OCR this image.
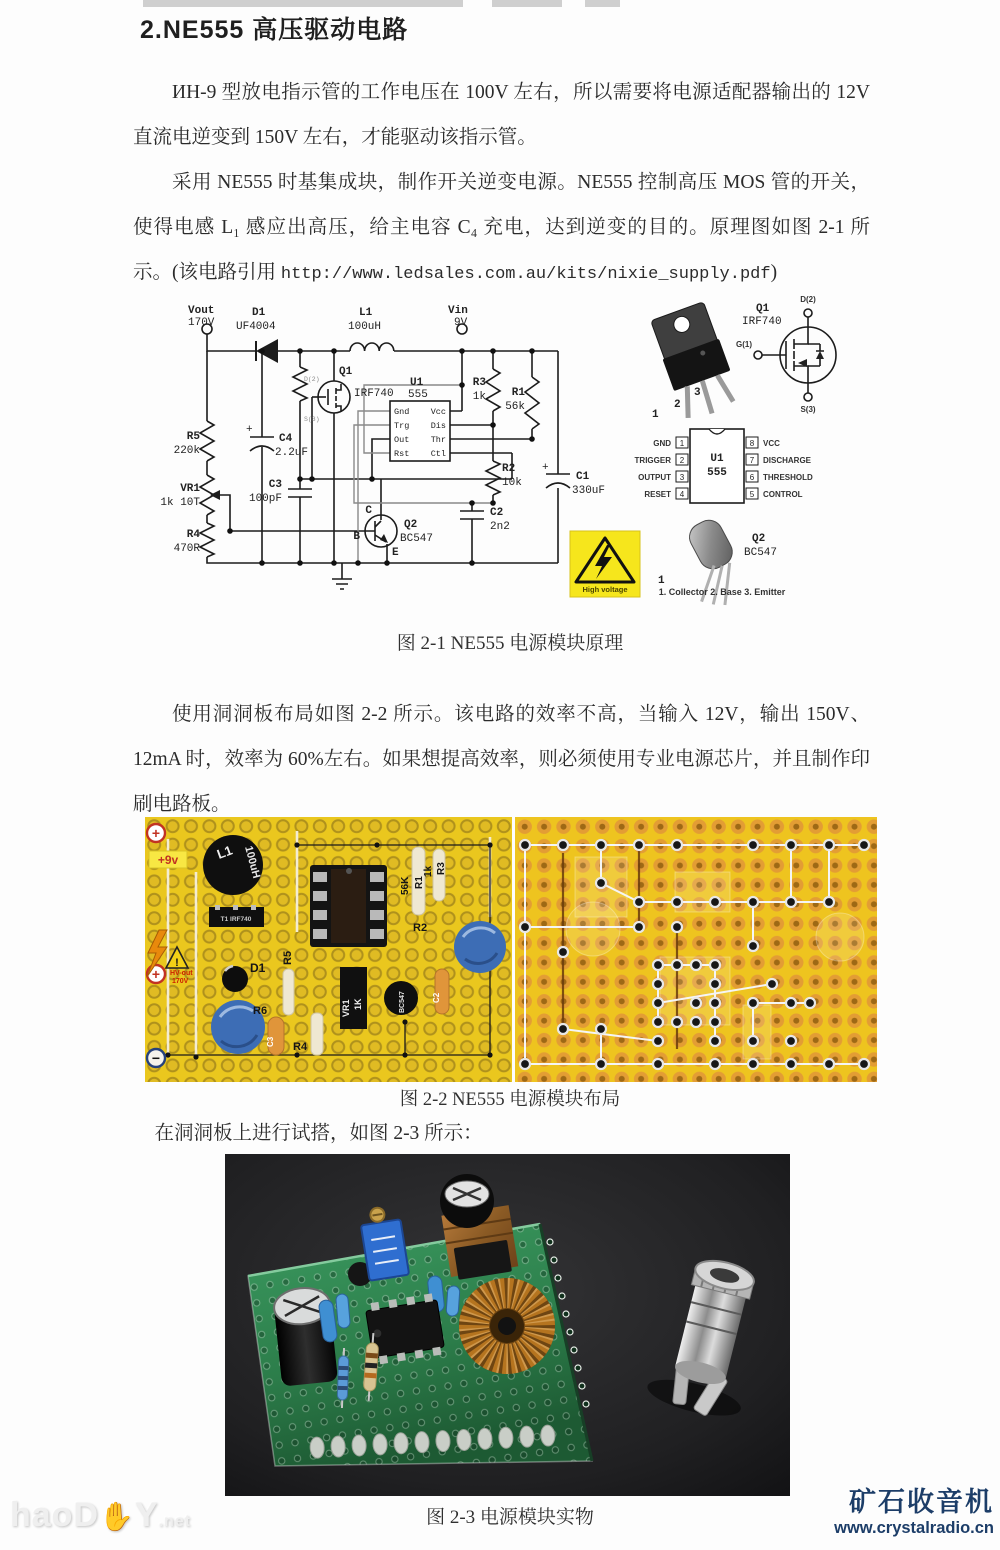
2.NE555 高压驱动电路

ИН-9 型放电指示管的工作电压在 100V 左右，所以需要将电源适配器输出的 12V 直流电逆变到 150V 左右，才能驱动该指示管。

采用 NE555 时基集成块，制作开关逆变电源。NE555 控制高压 MOS 管的开关，使得电感 L₁ 感应出高压，给主电容 C₄ 充电，达到逆变的目的。原理图如图 2-1 所示。(该电路引用 http://www.ledsales.com.au/kits/nixie_supply.pdf)

Gnd
Trg
Out
Rst
Vcc
Dis
Thr
Ctl
Vout
170V
Vin
9V
D1
UF4004
L1
100uH
Q1
IRF740
D(2)
S(3)
U1
555
R3
1k R1
56k
R5
220k
VR1
1k 10T
R4
470R
+
C4
2.2uF
C3
100pF
R2
10k
C2
2n2
+
C1
330uF
Q2
BC547
C
B
E
1
2
3
Q1
IRF740
D(2)
G(1)
S(3)
1
2
3
4
8
7
6
5
GND
TRIGGER
OUTPUT
RESET
VCC
DISCHARGE
THRESHOLD
CONTROL
U1
555
1
Q2
BC547
1. Collector 2. Base 3. Emitter
High voltage
图 2-1 NE555 电源模块原理

使用洞洞板布局如图 2-2 所示。该电路的效率不高，当输入 12V，输出 150V、12mA 时，效率为 60%左右。如果想提高效率，则必须使用专业电源芯片，并且制作印刷电路板。

+
+
−
+9v	L1 100uH
T1 IRF740
56K R1
1k R3
R2
!
HV-out
170V
D1
R5
VR1 1K	BC547	C2
R6
C3 R4
图 2-2 NE555 电源模块布局

在洞洞板上进行试搭，如图 2-3 所示：

图 2-3 电源模块实物
haoD✋Y.net
矿石收音机
www.crystalradio.cn
